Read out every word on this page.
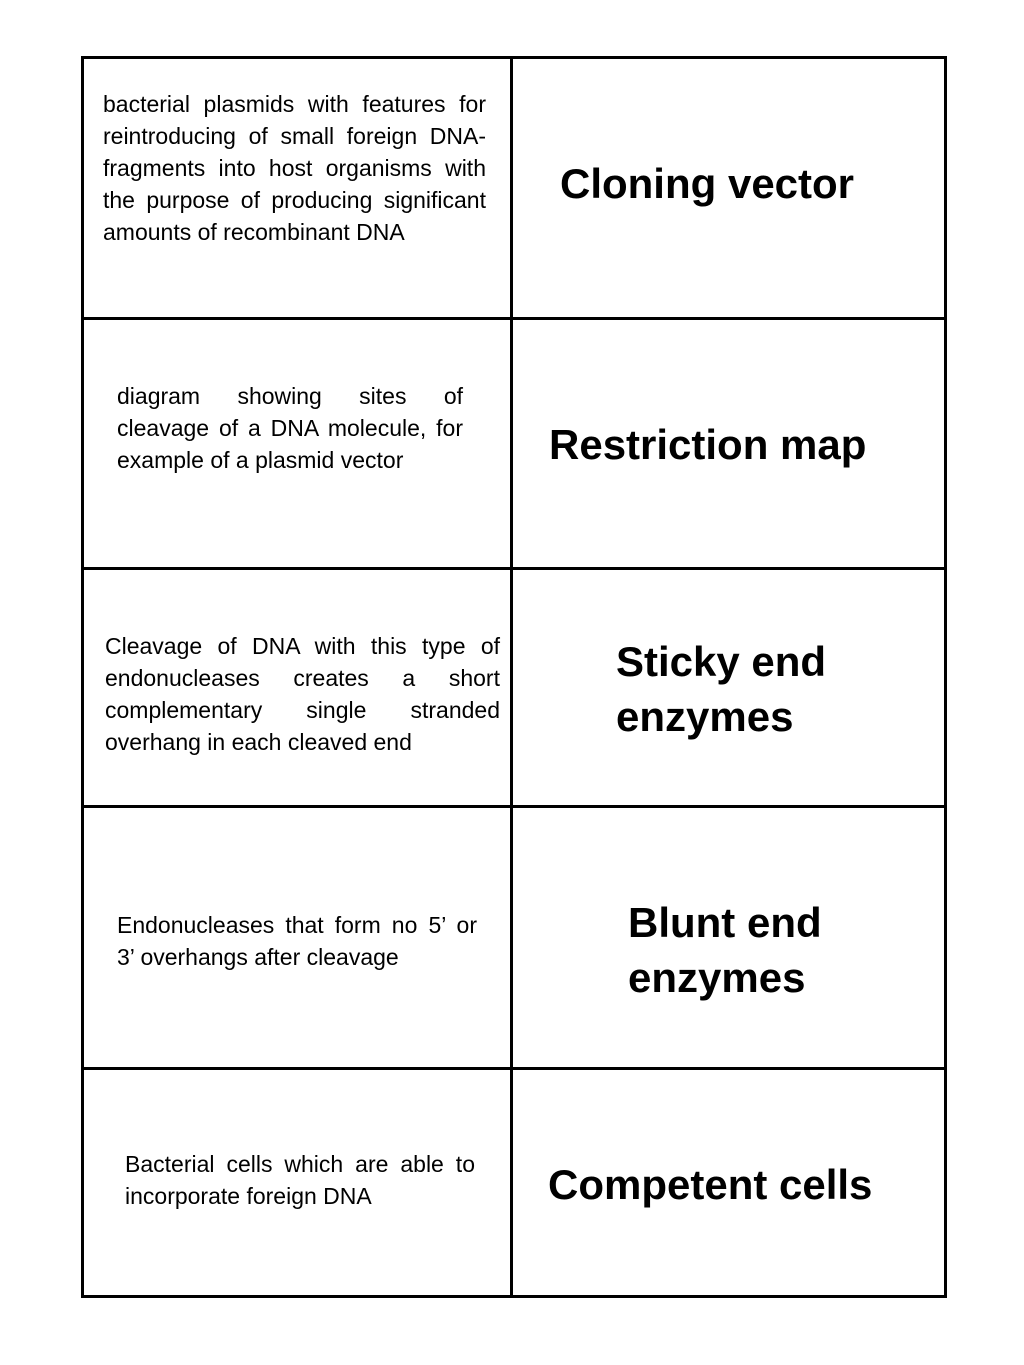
bacterial plasmids with features for reintroducing of small foreign DNA-fragments into host organisms with the purpose of producing significant amounts of recombinant DNA
Cloning vector
diagram showing sites of cleavage of a DNA molecule, for example of a plasmid vector	Restriction map
Cleavage of DNA with this type of endonucleases creates a short complementary single stranded overhang in each cleaved end
Sticky end enzymes
Endonucleases that form no 5’ or 3’ overhangs after cleavage
Blunt end enzymes
Bacterial cells which are able to incorporate foreign DNA	Competent cells
